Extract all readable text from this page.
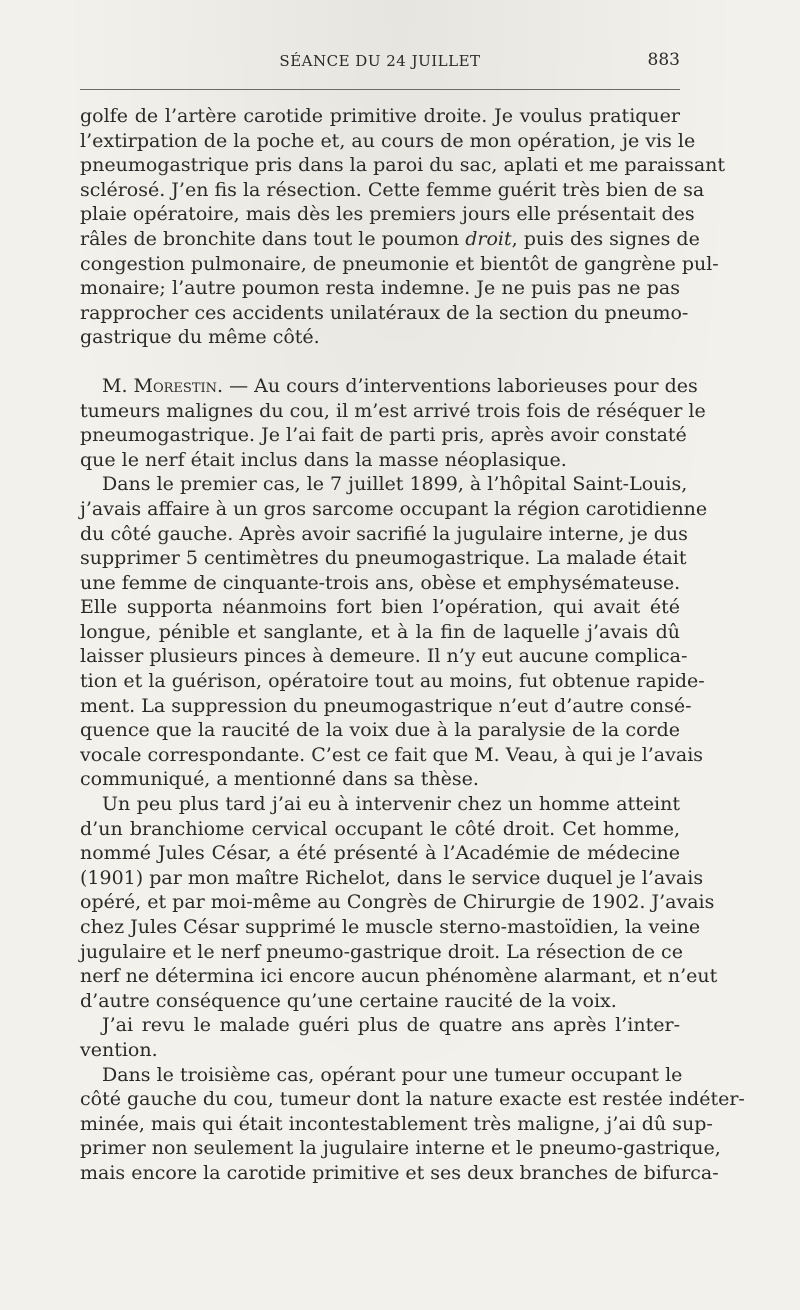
SÉANCE DU 24 JUILLET	883
golfe de l’artère carotide primitive droite. Je voulus pratiquer
l’extirpation de la poche et, au cours de mon opération, je vis le
pneumogastrique pris dans la paroi du sac, aplati et me paraissant
sclérosé. J’en fis la résection. Cette femme guérit très bien de sa
plaie opératoire, mais dès les premiers jours elle présentait des
râles de bronchite dans tout le poumon droit, puis des signes de
congestion pulmonaire, de pneumonie et bientôt de gangrène pul-
monaire; l’autre poumon resta indemne. Je ne puis pas ne pas
rapprocher ces accidents unilatéraux de la section du pneumo-
gastrique du même côté.
M. Morestin. — Au cours d’interventions laborieuses pour des
tumeurs malignes du cou, il m’est arrivé trois fois de réséquer le
pneumogastrique. Je l’ai fait de parti pris, après avoir constaté
que le nerf était inclus dans la masse néoplasique.
Dans le premier cas, le 7 juillet 1899, à l’hôpital Saint-Louis,
j’avais affaire à un gros sarcome occupant la région carotidienne
du côté gauche. Après avoir sacrifié la jugulaire interne, je dus
supprimer 5 centimètres du pneumogastrique. La malade était
une femme de cinquante-trois ans, obèse et emphysémateuse.
Elle supporta néanmoins fort bien l’opération, qui avait été
longue, pénible et sanglante, et à la fin de laquelle j’avais dû
laisser plusieurs pinces à demeure. Il n’y eut aucune complica-
tion et la guérison, opératoire tout au moins, fut obtenue rapide-
ment. La suppression du pneumogastrique n’eut d’autre consé-
quence que la raucité de la voix due à la paralysie de la corde
vocale correspondante. C’est ce fait que M. Veau, à qui je l’avais
communiqué, a mentionné dans sa thèse.
Un peu plus tard j’ai eu à intervenir chez un homme atteint
d’un branchiome cervical occupant le côté droit. Cet homme,
nommé Jules César, a été présenté à l’Académie de médecine
(1901) par mon maître Richelot, dans le service duquel je l’avais
opéré, et par moi-même au Congrès de Chirurgie de 1902. J’avais
chez Jules César supprimé le muscle sterno-mastoïdien, la veine
jugulaire et le nerf pneumo-gastrique droit. La résection de ce
nerf ne détermina ici encore aucun phénomène alarmant, et n’eut
d’autre conséquence qu’une certaine raucité de la voix.
J’ai revu le malade guéri plus de quatre ans après l’inter-
vention.
Dans le troisième cas, opérant pour une tumeur occupant le
côté gauche du cou, tumeur dont la nature exacte est restée indéter-
minée, mais qui était incontestablement très maligne, j’ai dû sup-
primer non seulement la jugulaire interne et le pneumo-gastrique,
mais encore la carotide primitive et ses deux branches de bifurca-
